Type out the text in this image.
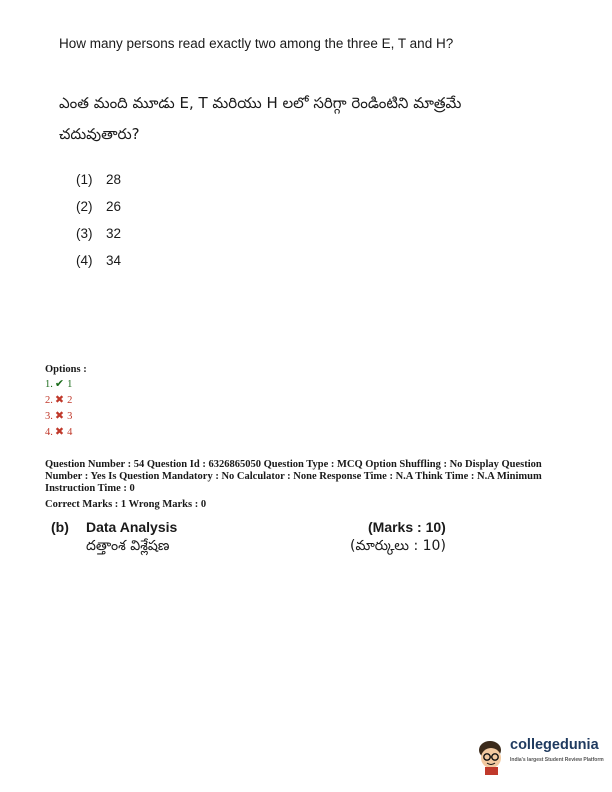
How many persons read exactly two among the three E, T and H?
ఎంత మంది మూడు E, T మరియు H లలో సరిగ్గా రెండింటిని మాత్రమే
చదువుతారు?
(1) 28
(2) 26
(3) 32
(4) 34
Options :
1. ✔ 1
2. ✖ 2
3. ✖ 3
4. ✖ 4
Question Number : 54 Question Id : 6326865050 Question Type : MCQ Option Shuffling : No Display Question
Number : Yes Is Question Mandatory : No Calculator : None Response Time : N.A Think Time : N.A Minimum
Instruction Time : 0
Correct Marks : 1 Wrong Marks : 0
(b) Data Analysis
దత్తాంశ విశ్లేషణ
(Marks : 10)
(మార్కులు : 10)
collegedunia
India's largest Student Review Platform
